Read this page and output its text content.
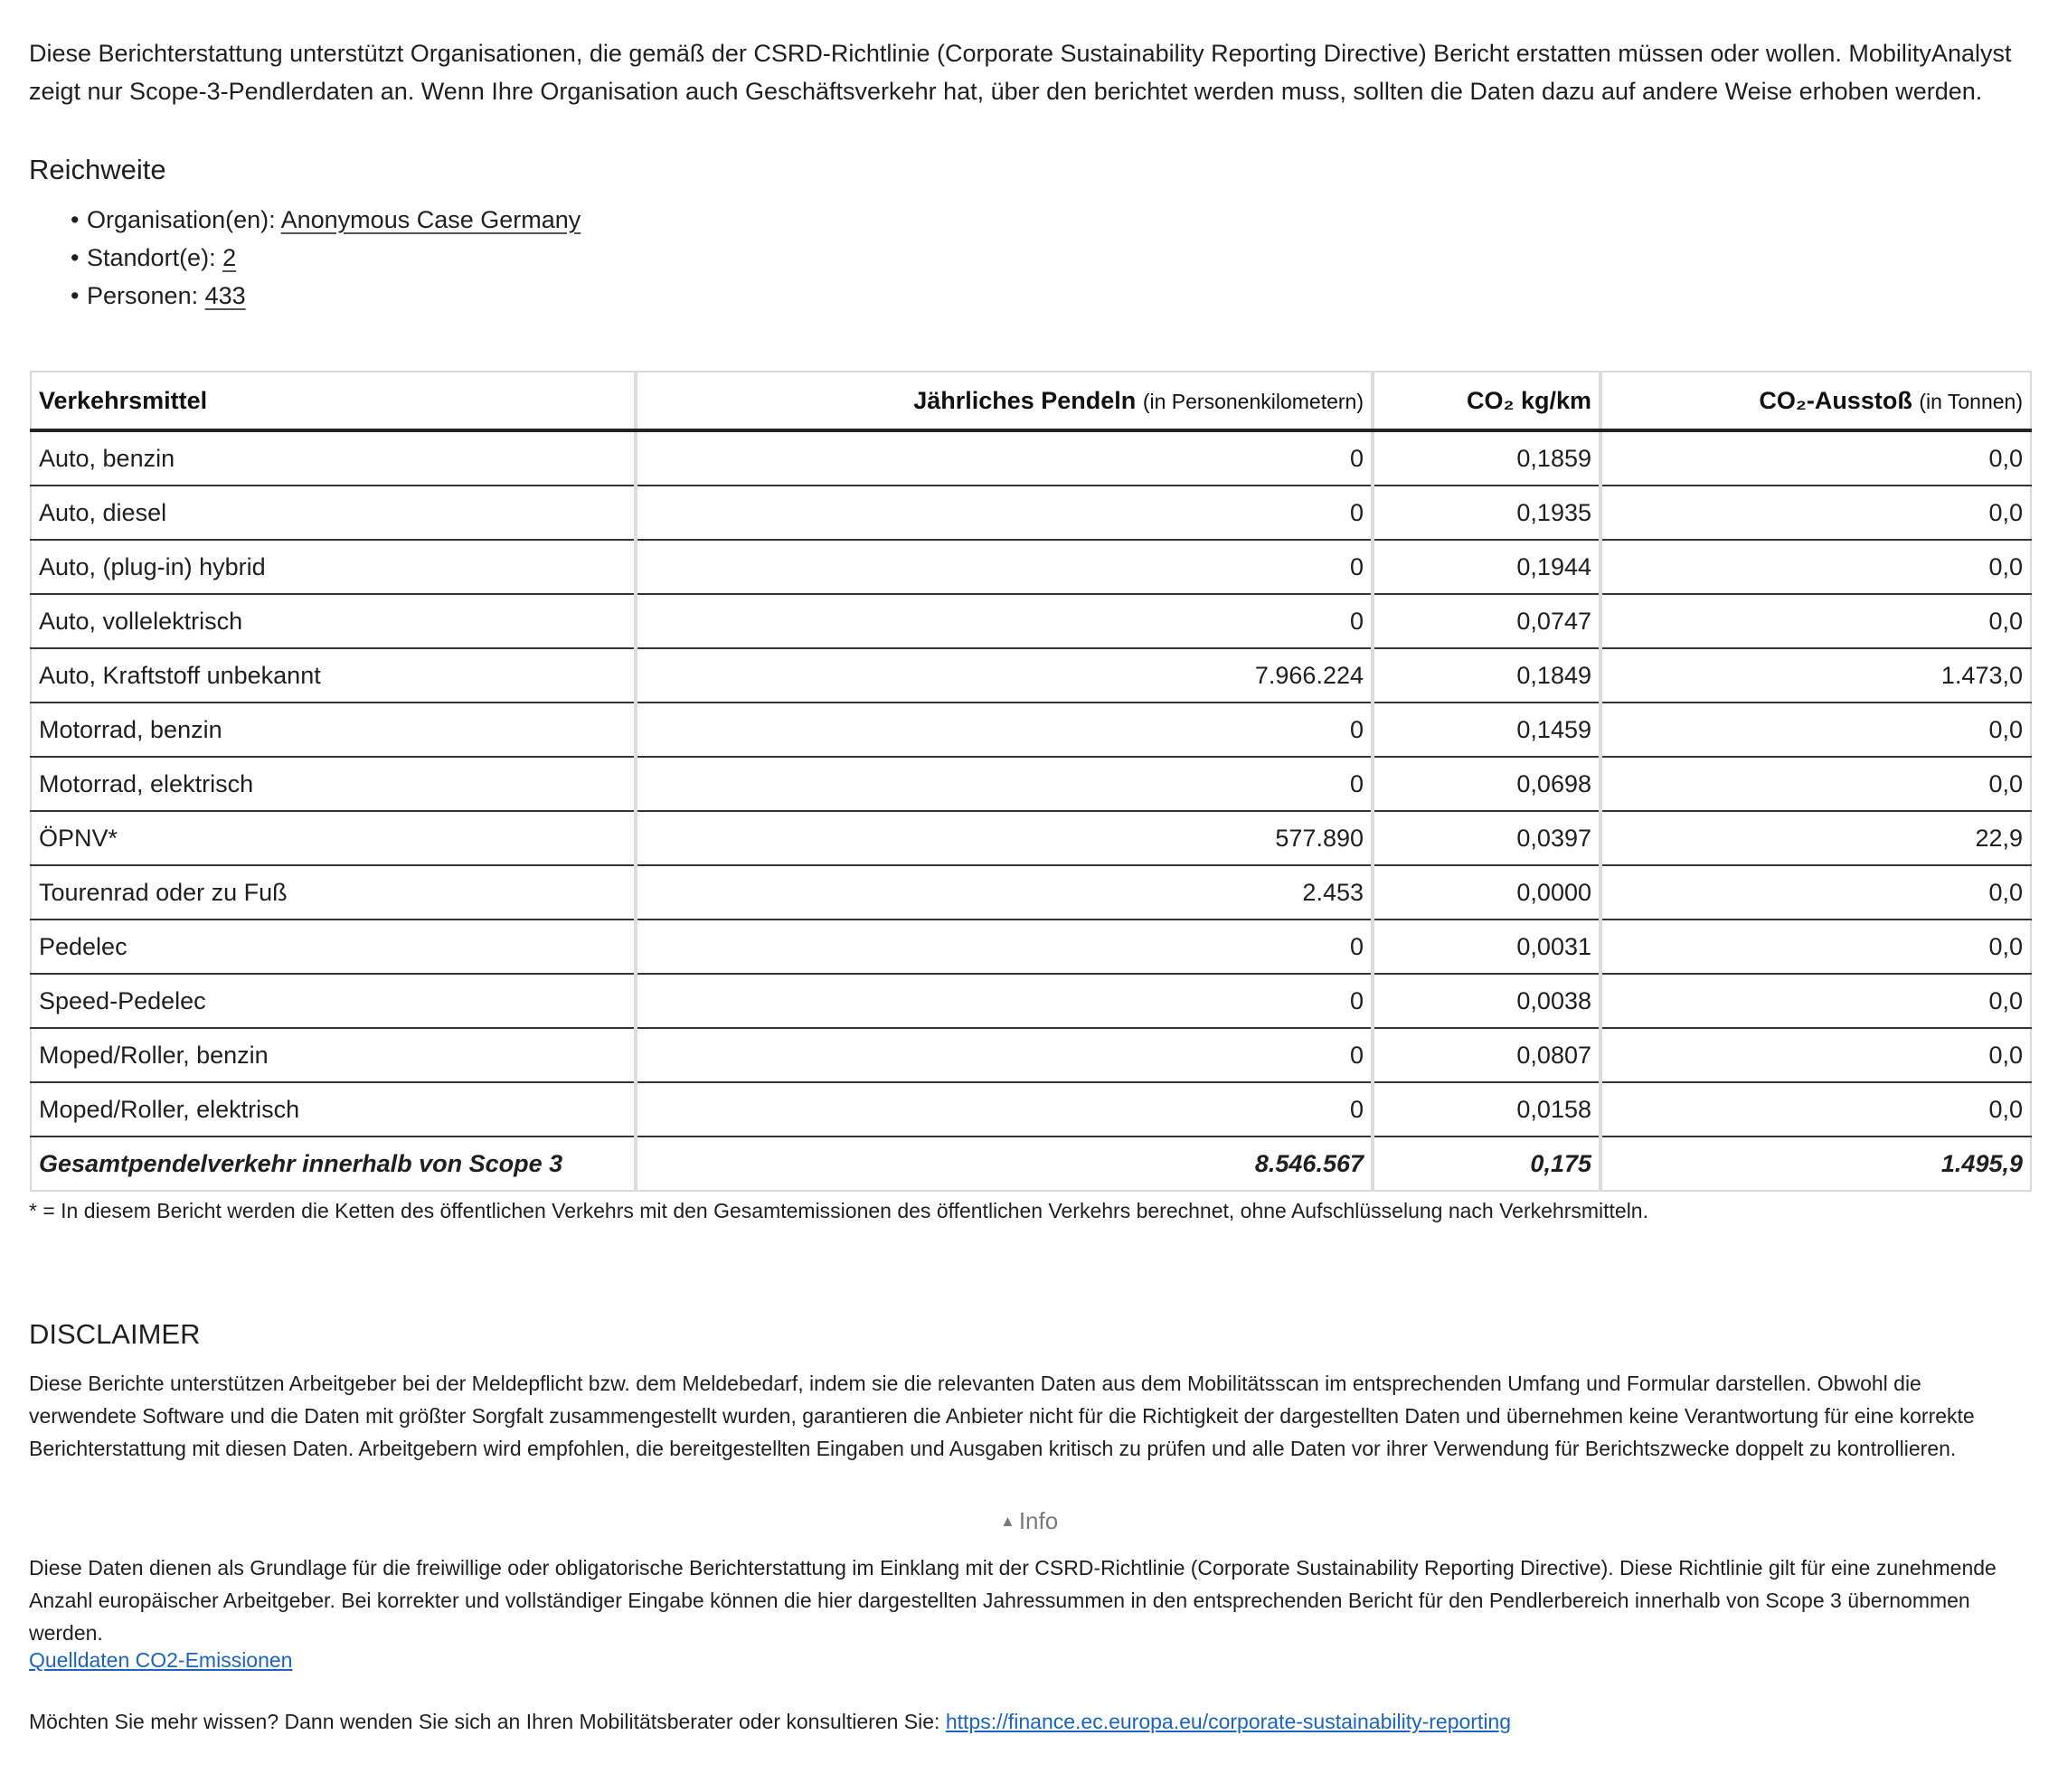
Diese Berichterstattung unterstützt Organisationen, die gemäß der CSRD-Richtlinie (Corporate Sustainability Reporting Directive) Bericht erstatten müssen oder wollen. MobilityAnalyst zeigt nur Scope-3-Pendlerdaten an. Wenn Ihre Organisation auch Geschäftsverkehr hat, über den berichtet werden muss, sollten die Daten dazu auf andere Weise erhoben werden.

Reichweite
• Organisation(en): Anonymous Case Germany
• Standort(e): 2
• Personen: 433
Verkehrsmittel	Jährliches Pendeln (in Personenkilometern)	CO₂ kg/km	CO₂-Ausstoß (in Tonnen)
Auto, benzin	0	0,1859	0,0
Auto, diesel	0	0,1935	0,0
Auto, (plug-in) hybrid	0	0,1944	0,0
Auto, vollelektrisch	0	0,0747	0,0
Auto, Kraftstoff unbekannt	7.966.224	0,1849	1.473,0
Motorrad, benzin	0	0,1459	0,0
Motorrad, elektrisch	0	0,0698	0,0
ÖPNV*	577.890	0,0397	22,9
Tourenrad oder zu Fuß	2.453	0,0000	0,0
Pedelec	0	0,0031	0,0
Speed-Pedelec	0	0,0038	0,0
Moped/Roller, benzin	0	0,0807	0,0
Moped/Roller, elektrisch	0	0,0158	0,0
Gesamtpendelverkehr innerhalb von Scope 3	8.546.567	0,175	1.495,9
* = In diesem Bericht werden die Ketten des öffentlichen Verkehrs mit den Gesamtemissionen des öffentlichen Verkehrs berechnet, ohne Aufschlüsselung nach Verkehrsmitteln.
DISCLAIMER

Diese Berichte unterstützen Arbeitgeber bei der Meldepflicht bzw. dem Meldebedarf, indem sie die relevanten Daten aus dem Mobilitätsscan im entsprechenden Umfang und Formular darstellen. Obwohl die verwendete Software und die Daten mit größter Sorgfalt zusammengestellt wurden, garantieren die Anbieter nicht für die Richtigkeit der dargestellten Daten und übernehmen keine Verantwortung für eine korrekte Berichterstattung mit diesen Daten. Arbeitgebern wird empfohlen, die bereitgestellten Eingaben und Ausgaben kritisch zu prüfen und alle Daten vor ihrer Verwendung für Berichtszwecke doppelt zu kontrollieren.

▲ Info

Diese Daten dienen als Grundlage für die freiwillige oder obligatorische Berichterstattung im Einklang mit der CSRD-Richtlinie (Corporate Sustainability Reporting Directive). Diese Richtlinie gilt für eine zunehmende Anzahl europäischer Arbeitgeber. Bei korrekter und vollständiger Eingabe können die hier dargestellten Jahressummen in den entsprechenden Bericht für den Pendlerbereich innerhalb von Scope 3 übernommen werden.

Quelldaten CO2-Emissionen

Möchten Sie mehr wissen? Dann wenden Sie sich an Ihren Mobilitätsberater oder konsultieren Sie: https://finance.ec.europa.eu/corporate-sustainability-reporting
